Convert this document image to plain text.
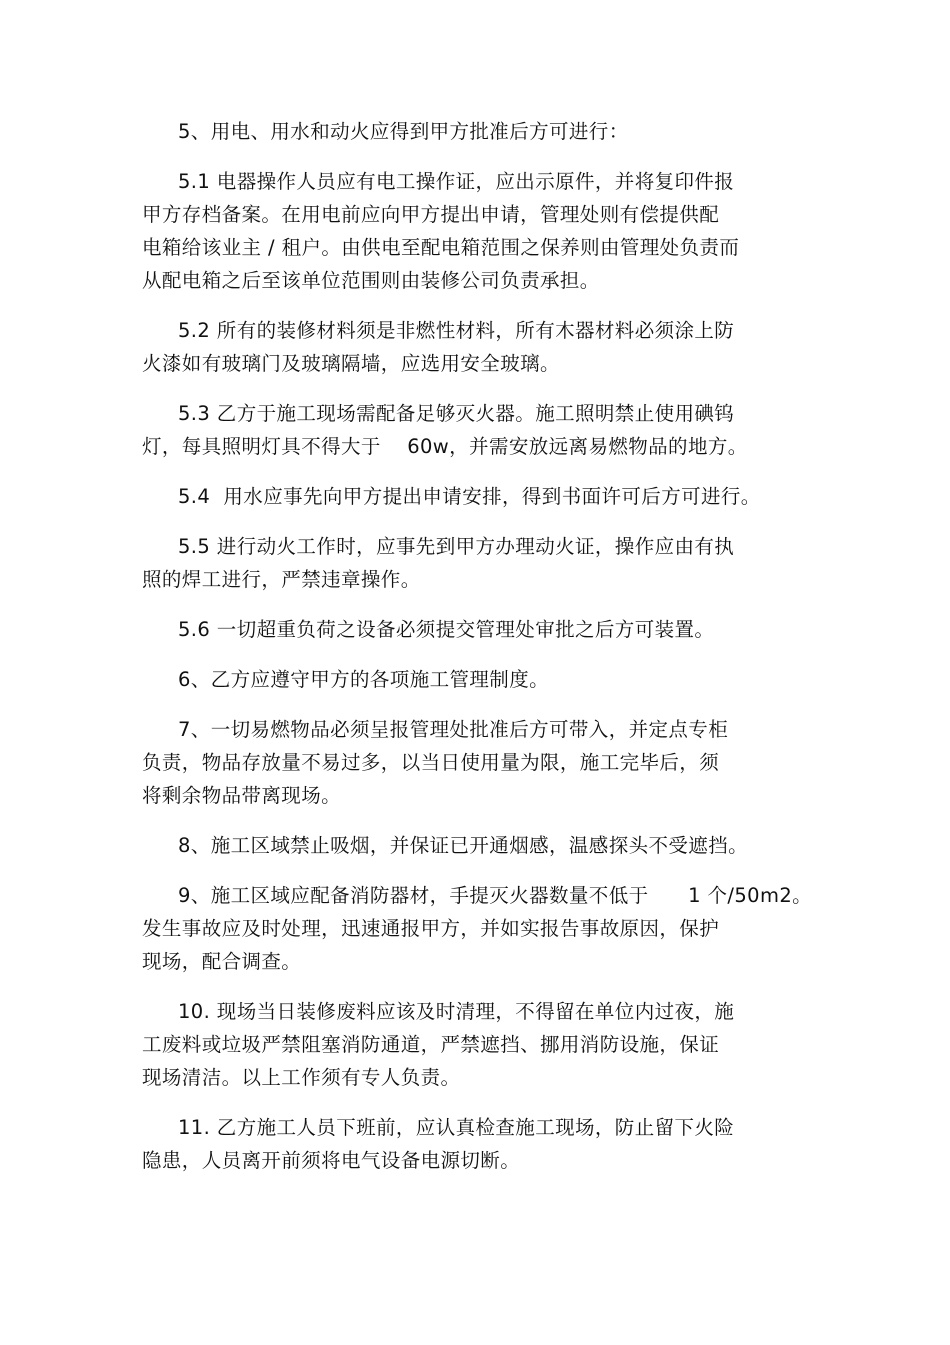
5、用电、用水和动火应得到甲方批准后方可进行：
5.1 电器操作人员应有电工操作证，应出示原件，并将复印件报
甲方存档备案。在用电前应向甲方提出申请，管理处则有偿提供配
电箱给该业主 / 租户。由供电至配电箱范围之保养则由管理处负责而
从配电箱之后至该单位范围则由装修公司负责承担。
5.2 所有的装修材料须是非燃性材料，所有木器材料必须涂上防
火漆如有玻璃门及玻璃隔墙，应选用安全玻璃。
5.3 乙方于施工现场需配备足够灭火器。施工照明禁止使用碘钨
灯，每具照明灯具不得大于    60w，并需安放远离易燃物品的地方。
5.4  用水应事先向甲方提出申请安排，得到书面许可后方可进行。
5.5 进行动火工作时，应事先到甲方办理动火证，操作应由有执
照的焊工进行，严禁违章操作。
5.6 一切超重负荷之设备必须提交管理处审批之后方可装置。
6、乙方应遵守甲方的各项施工管理制度。
7、一切易燃物品必须呈报管理处批准后方可带入，并定点专柜
负责，物品存放量不易过多，以当日使用量为限，施工完毕后，须
将剩余物品带离现场。
8、施工区域禁止吸烟，并保证已开通烟感，温感探头不受遮挡。
9、施工区域应配备消防器材，手提灭火器数量不低于      1 个/50m2。
发生事故应及时处理，迅速通报甲方，并如实报告事故原因，保护
现场，配合调查。
10. 现场当日装修废料应该及时清理，不得留在单位内过夜，施
工废料或垃圾严禁阻塞消防通道，严禁遮挡、挪用消防设施，保证
现场清洁。以上工作须有专人负责。
11. 乙方施工人员下班前，应认真检查施工现场，防止留下火险
隐患，人员离开前须将电气设备电源切断。
